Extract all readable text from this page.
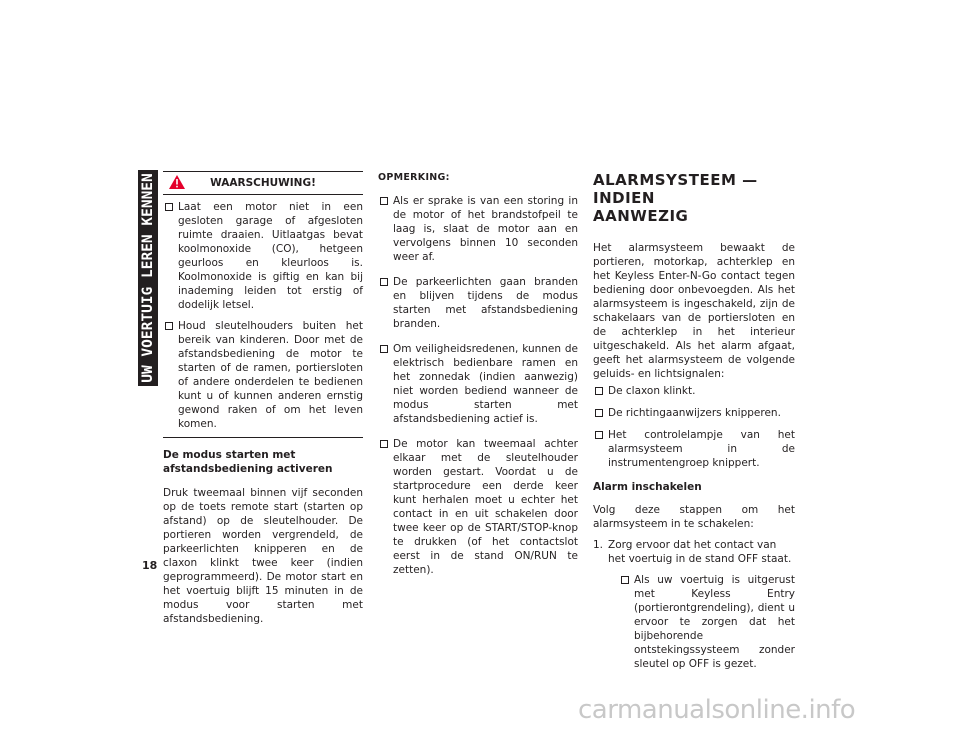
UW VOERTUIG LEREN KENNEN
18
WAARSCHUWING!
Laat een motor niet in een gesloten garage of afgesloten ruimte draaien. Uitlaatgas bevat koolmonoxide (CO), hetgeen geurloos en kleurloos is. Koolmonoxide is giftig en kan bij inademing leiden tot erstig of dodelijk letsel.
Houd sleutelhouders buiten het bereik van kinderen. Door met de afstandsbediening de motor te starten of de ramen, portiersloten of andere onderdelen te bedienen kunt u of kunnen anderen ernstig gewond raken of om het leven komen.
De modus starten met afstandsbediening activeren

Druk tweemaal binnen vijf seconden op de toets remote start (starten op afstand) op de sleutelhouder. De portieren worden vergrendeld, de parkeerlichten knipperen en de claxon klinkt twee keer (indien geprogrammeerd). De motor start en het voertuig blijft 15 minuten in de modus voor starten met afstandsbediening.

OPMERKING:
Als er sprake is van een storing in de motor of het brandstofpeil te laag is, slaat de motor aan en vervolgens binnen 10 seconden weer af.
De parkeerlichten gaan branden en blijven tijdens de modus starten met afstandsbediening branden.
Om veiligheidsredenen, kunnen de elektrisch bedienbare ramen en het zonnedak (indien aanwezig) niet worden bediend wanneer de modus starten met afstandsbediening actief is.
De motor kan tweemaal achter elkaar met de sleutelhouder worden gestart. Voordat u de startprocedure een derde keer kunt herhalen moet u echter het contact in en uit schakelen door twee keer op de START/STOP-knop te drukken (of het contactslot eerst in de stand ON/RUN te zetten).
ALARMSYSTEEM — INDIEN
AANWEZIG

Het alarmsysteem bewaakt de portieren, motorkap, achterklep en het Keyless Enter-N-Go contact tegen bediening door onbevoegden. Als het alarmsysteem is ingeschakeld, zijn de schakelaars van de portiersloten en de achterklep in het interieur uitgeschakeld. Als het alarm afgaat, geeft het alarmsysteem de volgende geluids- en lichtsignalen:

De claxon klinkt.
De richtingaanwijzers knipperen.
Het controlelampje van het alarmsysteem in de instrumentengroep knippert.
Alarm inschakelen

Volg deze stappen om het alarmsysteem in te schakelen:

1. Zorg ervoor dat het contact van het voertuig in de stand OFF staat.
Als uw voertuig is uitgerust met Keyless Entry (portierontgrendeling), dient u ervoor te zorgen dat het bijbehorende ontstekingssysteem zonder sleutel op OFF is gezet.
carmanualsonline.info
